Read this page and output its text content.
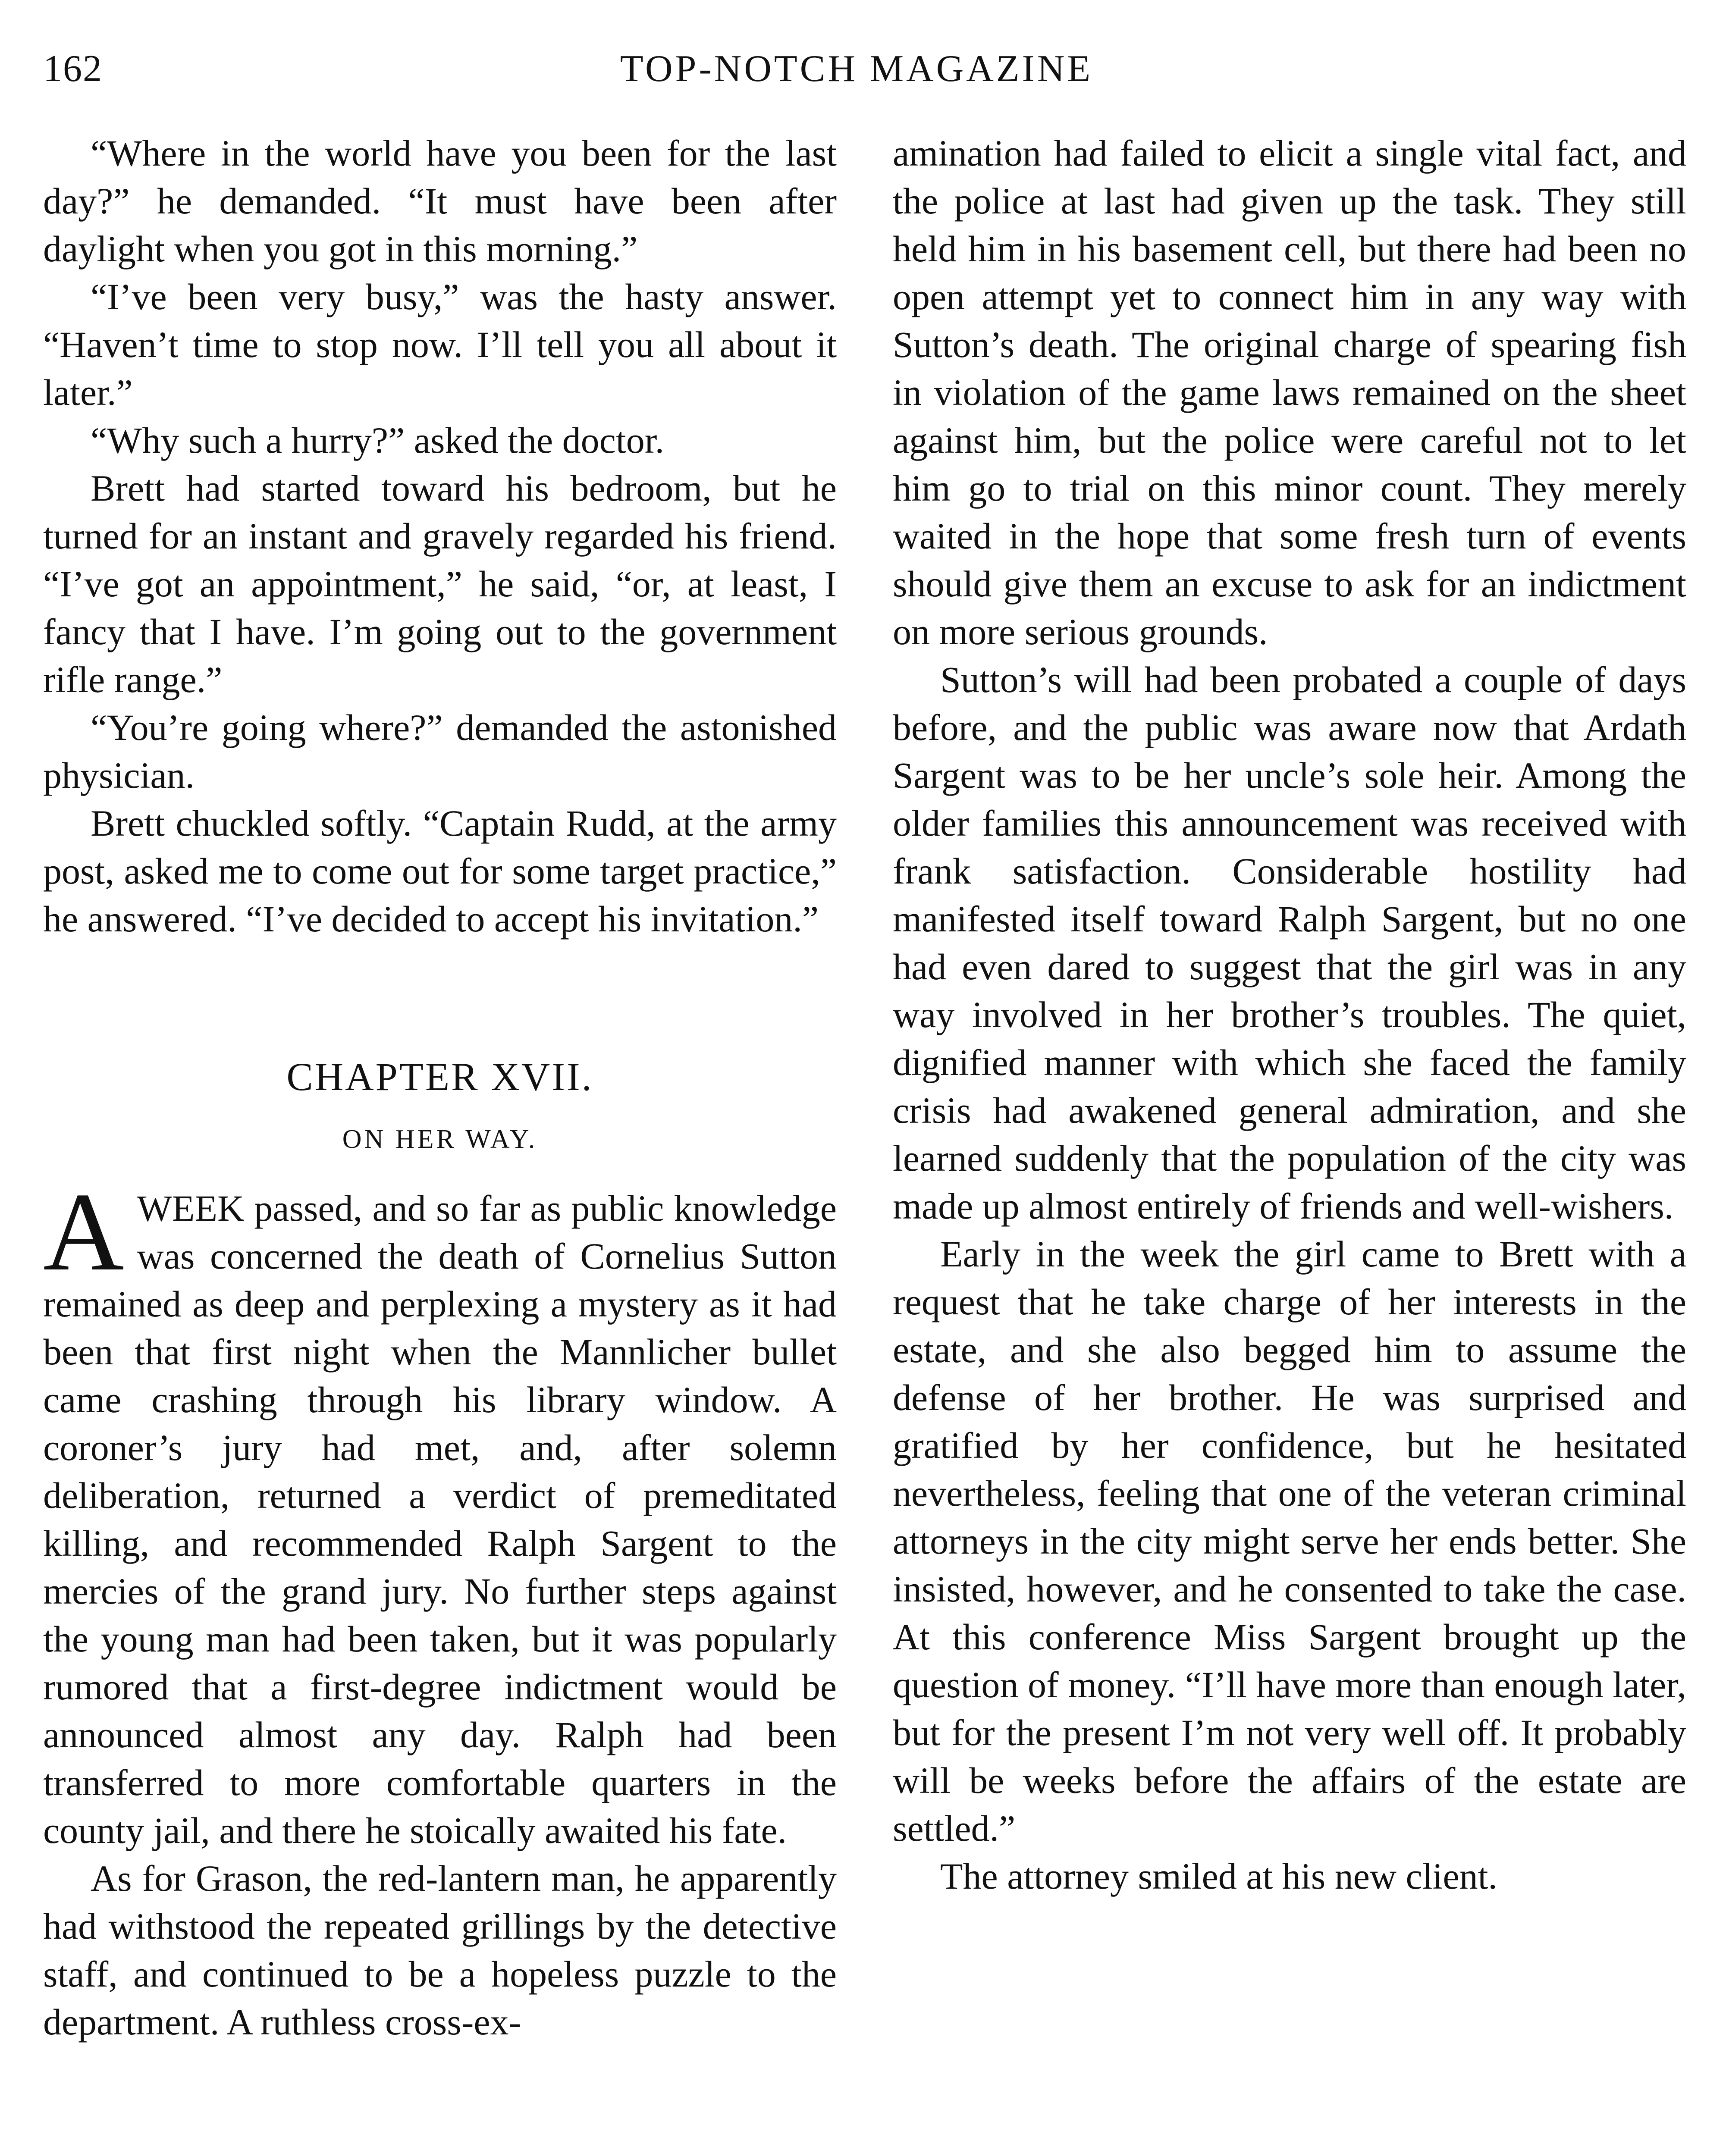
162	TOP-NOTCH MAGAZINE

“Where in the world have you been for the last day?” he demanded. “It must have been after daylight when you got in this morning.”

“I’ve been very busy,” was the hasty answer. “Haven’t time to stop now. I’ll tell you all about it later.”

“Why such a hurry?” asked the doctor.

Brett had started toward his bedroom, but he turned for an instant and gravely regarded his friend. “I’ve got an appointment,” he said, “or, at least, I fancy that I have. I’m going out to the government rifle range.”

“You’re going where?” demanded the astonished physician.

Brett chuckled softly. “Captain Rudd, at the army post, asked me to come out for some target practice,” he answered. “I’ve decided to accept his invitation.”

CHAPTER XVII.
ON HER WAY.

AWEEK passed, and so far as public knowledge was concerned the death of Cornelius Sutton remained as deep and perplexing a mystery as it had been that first night when the Mannlicher bullet came crashing through his library window. A coroner’s jury had met, and, after solemn deliberation, returned a verdict of premeditated killing, and recommended Ralph Sargent to the mercies of the grand jury. No further steps against the young man had been taken, but it was popularly rumored that a first-degree indictment would be announced almost any day. Ralph had been transferred to more comfortable quarters in the county jail, and there he stoically awaited his fate.

As for Grason, the red-lantern man, he apparently had withstood the repeated grillings by the detective staff, and continued to be a hopeless puzzle to the department. A ruthless cross-ex-

amination had failed to elicit a single vital fact, and the police at last had given up the task. They still held him in his basement cell, but there had been no open attempt yet to connect him in any way with Sutton’s death. The original charge of spearing fish in violation of the game laws remained on the sheet against him, but the police were careful not to let him go to trial on this minor count. They merely waited in the hope that some fresh turn of events should give them an excuse to ask for an indictment on more serious grounds.

Sutton’s will had been probated a couple of days before, and the public was aware now that Ardath Sargent was to be her uncle’s sole heir. Among the older families this announcement was received with frank satisfaction. Considerable hostility had manifested itself toward Ralph Sargent, but no one had even dared to suggest that the girl was in any way involved in her brother’s troubles. The quiet, dignified manner with which she faced the family crisis had awakened general admiration, and she learned suddenly that the population of the city was made up almost entirely of friends and well-wishers.

Early in the week the girl came to Brett with a request that he take charge of her interests in the estate, and she also begged him to assume the defense of her brother. He was surprised and gratified by her confidence, but he hesitated nevertheless, feeling that one of the veteran criminal attorneys in the city might serve her ends better. She insisted, however, and he consented to take the case. At this conference Miss Sargent brought up the question of money. “I’ll have more than enough later, but for the present I’m not very well off. It probably will be weeks before the affairs of the estate are settled.”

The attorney smiled at his new client.
